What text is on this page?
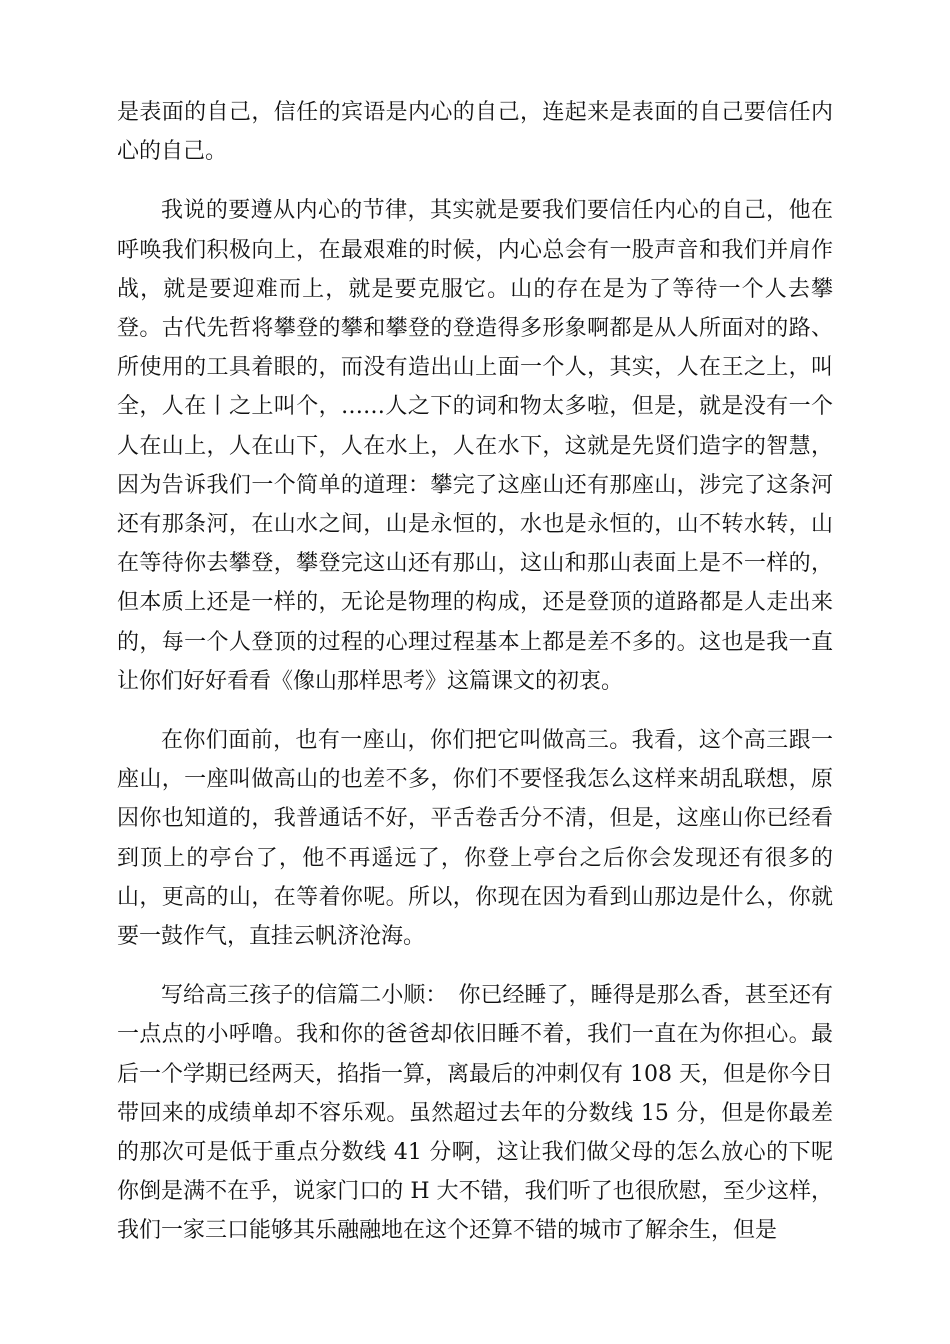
是表面的自己，信任的宾语是内心的自己，连起来是表面的自己要信任内心的自己。

我说的要遵从内心的节律，其实就是要我们要信任内心的自己，他在呼唤我们积极向上，在最艰难的时候，内心总会有一股声音和我们并肩作战，就是要迎难而上，就是要克服它。山的存在是为了等待一个人去攀登。古代先哲将攀登的攀和攀登的登造得多形象啊都是从人所面对的路、所使用的工具着眼的，而没有造出山上面一个人，其实，人在王之上，叫全，人在丨之上叫个，……人之下的词和物太多啦，但是，就是没有一个人在山上，人在山下，人在水上，人在水下，这就是先贤们造字的智慧，因为告诉我们一个简单的道理：攀完了这座山还有那座山，涉完了这条河还有那条河，在山水之间，山是永恒的，水也是永恒的，山不转水转，山在等待你去攀登，攀登完这山还有那山，这山和那山表面上是不一样的，但本质上还是一样的，无论是物理的构成，还是登顶的道路都是人走出来的，每一个人登顶的过程的心理过程基本上都是差不多的。这也是我一直让你们好好看看《像山那样思考》这篇课文的初衷。

在你们面前，也有一座山，你们把它叫做高三。我看，这个高三跟一座山，一座叫做高山的也差不多，你们不要怪我怎么这样来胡乱联想，原因你也知道的，我普通话不好，平舌卷舌分不清，但是，这座山你已经看到顶上的亭台了，他不再遥远了，你登上亭台之后你会发现还有很多的山，更高的山，在等着你呢。所以，你现在因为看到山那边是什么，你就要一鼓作气，直挂云帆济沧海。

写给高三孩子的信篇二小顺：　你已经睡了，睡得是那么香，甚至还有一点点的小呼噜。我和你的爸爸却依旧睡不着，我们一直在为你担心。最后一个学期已经两天，掐指一算，离最后的冲刺仅有 108 天，但是你今日带回来的成绩单却不容乐观。虽然超过去年的分数线 15 分，但是你最差的那次可是低于重点分数线 41 分啊，这让我们做父母的怎么放心的下呢你倒是满不在乎，说家门口的 H 大不错，我们听了也很欣慰，至少这样，我们一家三口能够其乐融融地在这个还算不错的城市了解余生，但是
